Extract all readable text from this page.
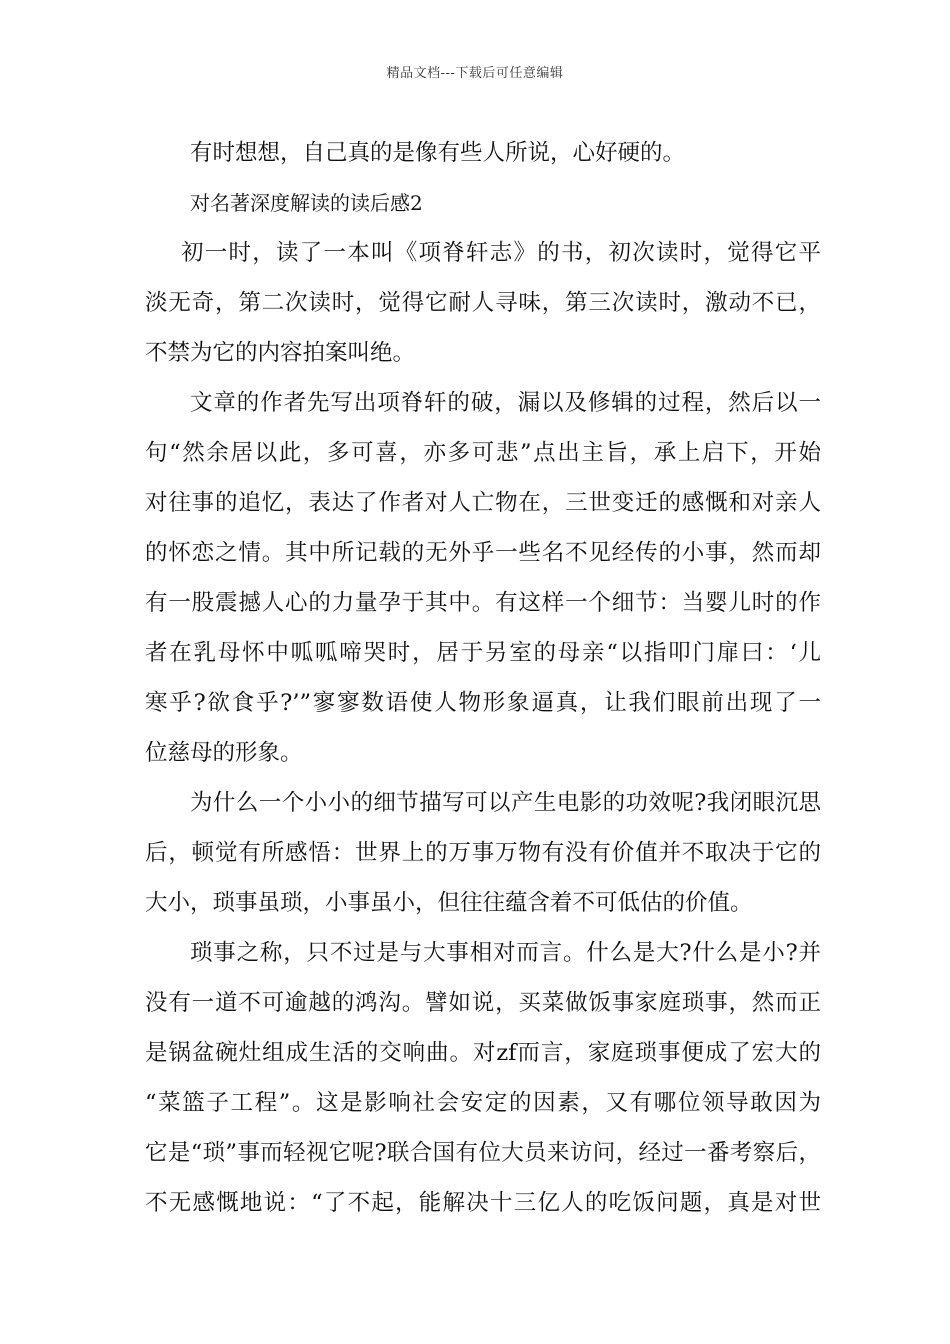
精品文档---下载后可任意编辑
有时想想，自己真的是像有些人所说，心好硬的。
对名著深度解读的读后感2
初一时，读了一本叫《项脊轩志》的书，初次读时，觉得它平
淡无奇，第二次读时，觉得它耐人寻味，第三次读时，激动不已，
不禁为它的内容拍案叫绝。
文章的作者先写出项脊轩的破，漏以及修辑的过程，然后以一
句“然余居以此，多可喜，亦多可悲”点出主旨，承上启下，开始
对往事的追忆，表达了作者对人亡物在，三世变迁的感慨和对亲人
的怀恋之情。其中所记载的无外乎一些名不见经传的小事，然而却
有一股震撼人心的力量孕于其中。有这样一个细节：当婴儿时的作
者在乳母怀中呱呱啼哭时，居于另室的母亲“以指叩门扉曰：‘儿
寒乎?欲食乎?’”寥寥数语使人物形象逼真，让我们眼前出现了一
位慈母的形象。
为什么一个小小的细节描写可以产生电影的功效呢?我闭眼沉思
后，顿觉有所感悟：世界上的万事万物有没有价值并不取决于它的
大小，琐事虽琐，小事虽小，但往往蕴含着不可低估的价值。
琐事之称，只不过是与大事相对而言。什么是大?什么是小?并
没有一道不可逾越的鸿沟。譬如说，买菜做饭事家庭琐事，然而正
是锅盆碗灶组成生活的交响曲。对zf而言，家庭琐事便成了宏大的
“菜篮子工程”。这是影响社会安定的因素，又有哪位领导敢因为
它是“琐”事而轻视它呢?联合国有位大员来访问，经过一番考察后，
不无感慨地说：“了不起，能解决十三亿人的吃饭问题，真是对世
